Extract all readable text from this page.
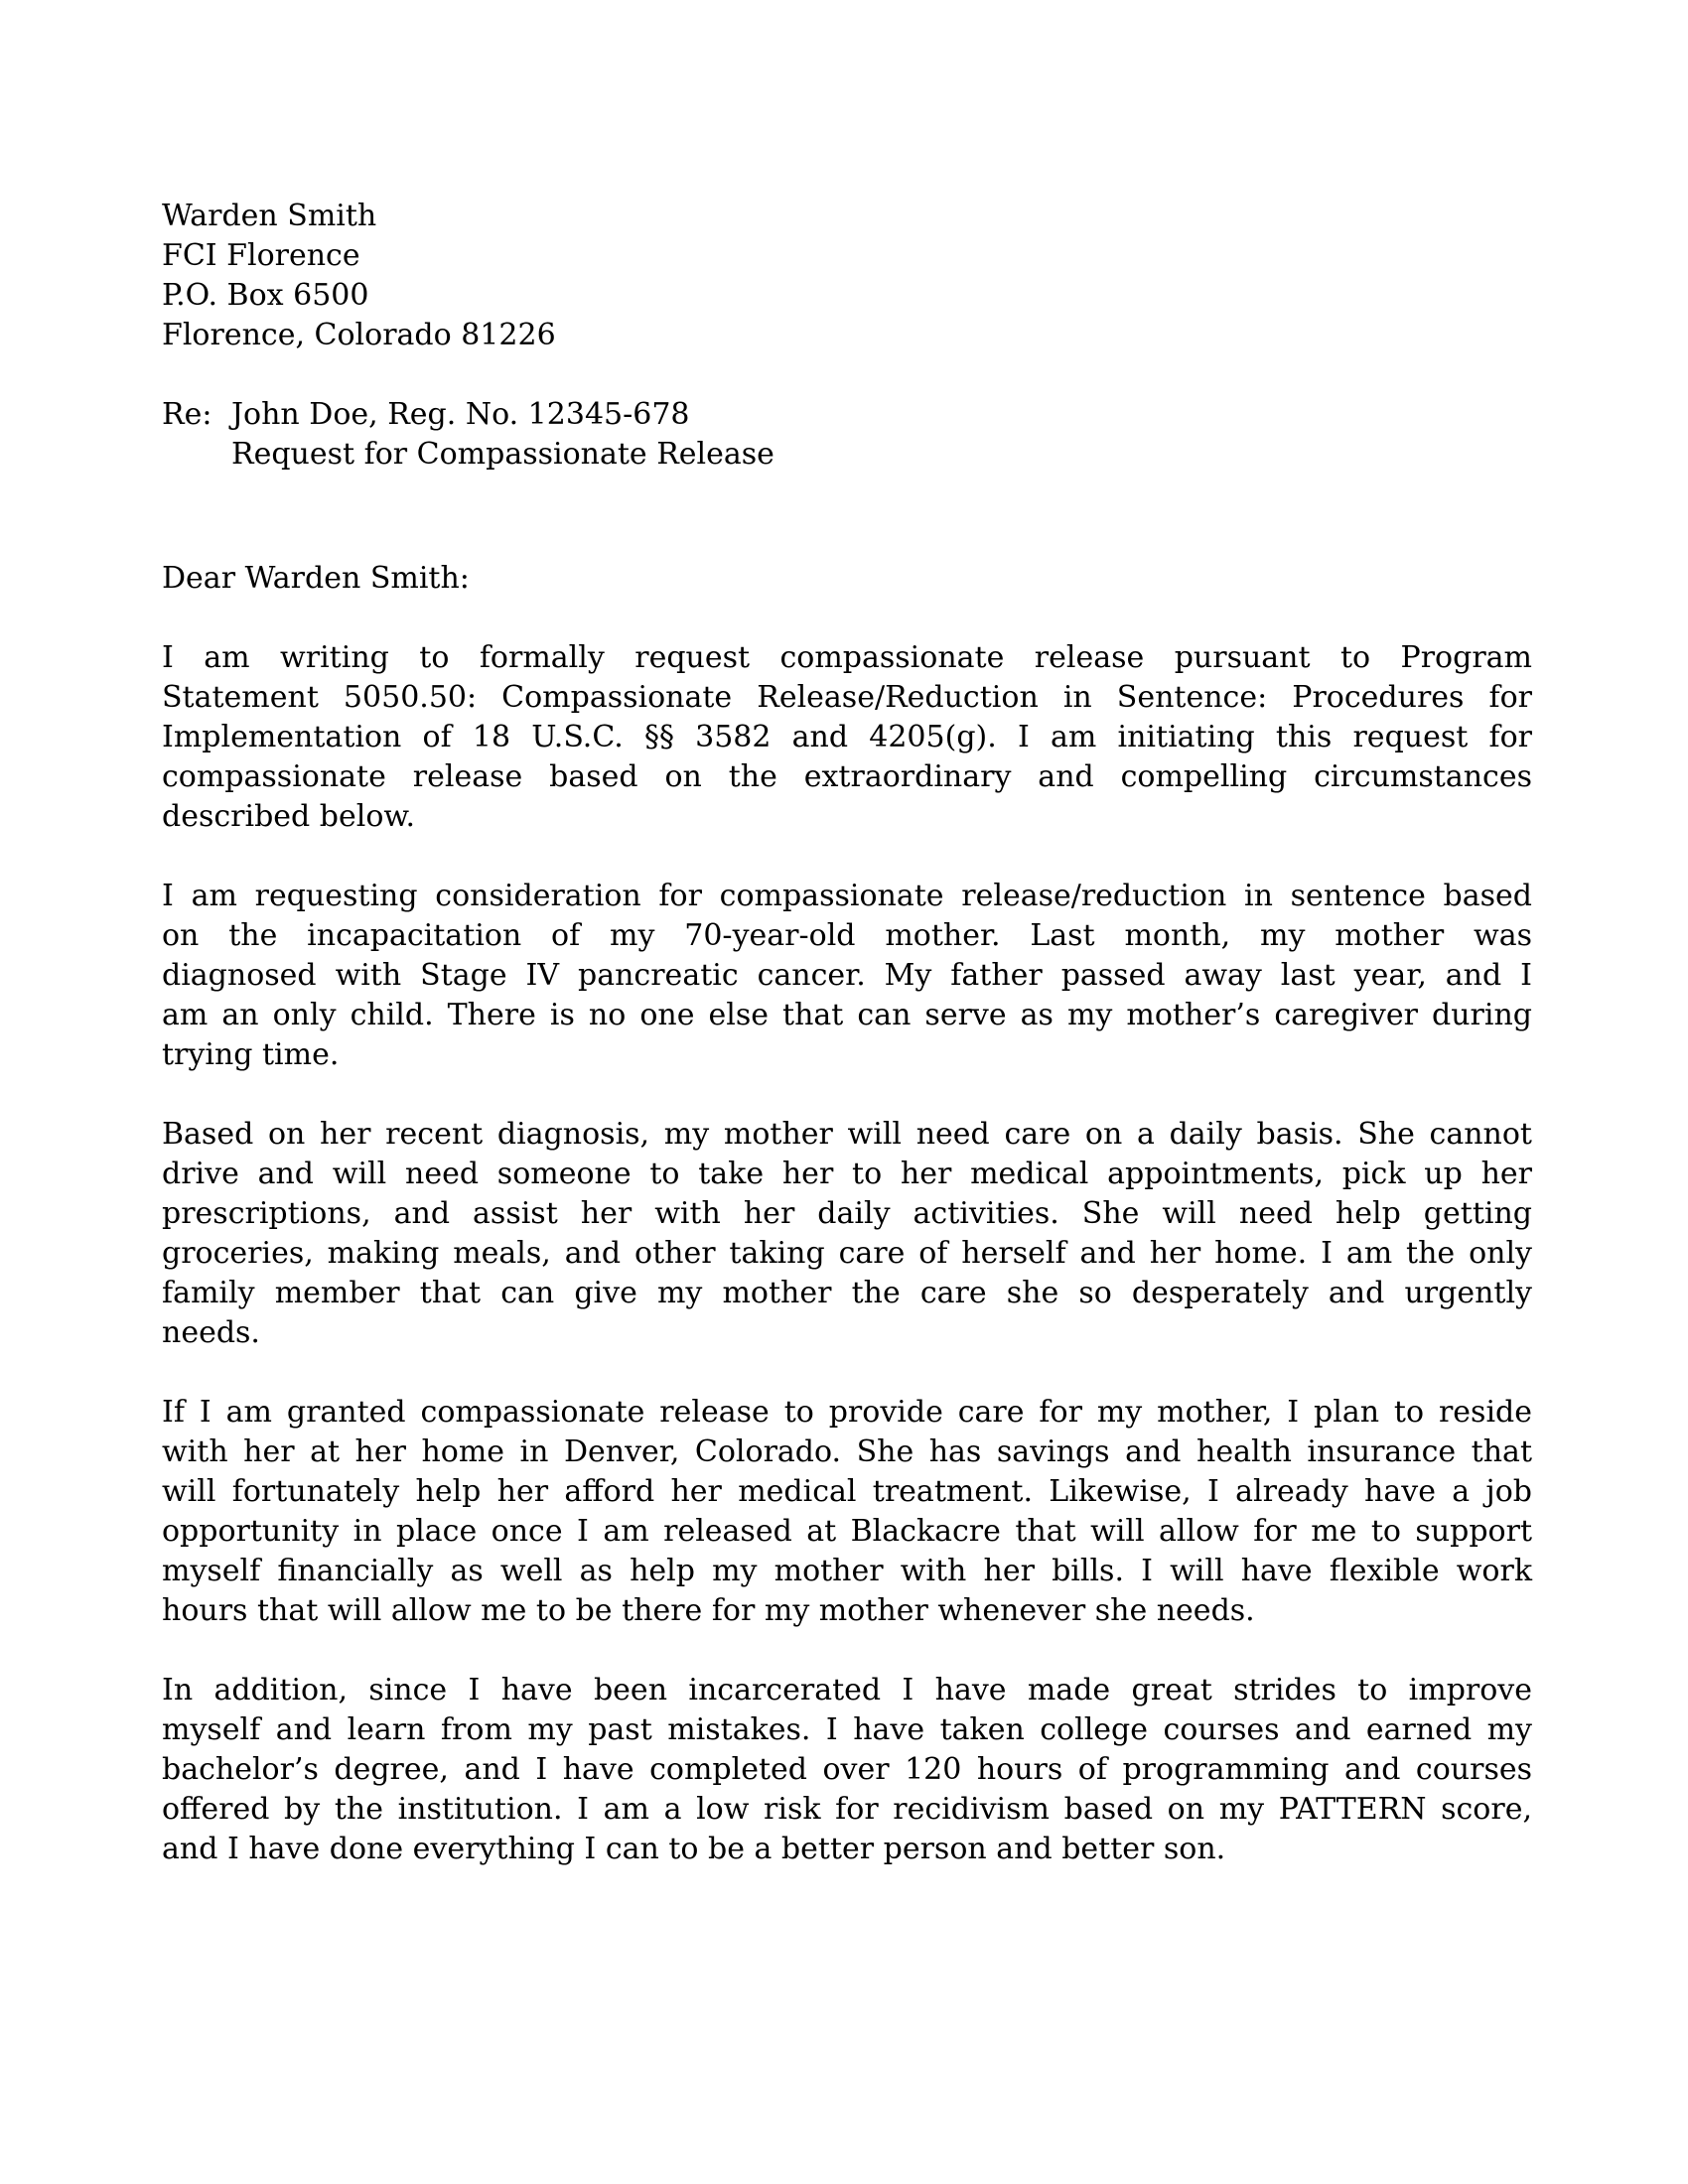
Warden Smith
FCI Florence
P.O. Box 6500
Florence, Colorado 81226
Re: John Doe, Reg. No. 12345-678
Request for Compassionate Release
Dear Warden Smith:
I am writing to formally request compassionate release pursuant to Program
Statement 5050.50: Compassionate Release/Reduction in Sentence: Procedures for
Implementation of 18 U.S.C. §§ 3582 and 4205(g). I am initiating this request for
compassionate release based on the extraordinary and compelling circumstances
described below.
I am requesting consideration for compassionate release/reduction in sentence based
on the incapacitation of my 70-year-old mother. Last month, my mother was
diagnosed with Stage IV pancreatic cancer. My father passed away last year, and I
am an only child. There is no one else that can serve as my mother’s caregiver during
trying time.
Based on her recent diagnosis, my mother will need care on a daily basis. She cannot
drive and will need someone to take her to her medical appointments, pick up her
prescriptions, and assist her with her daily activities. She will need help getting
groceries, making meals, and other taking care of herself and her home. I am the only
family member that can give my mother the care she so desperately and urgently
needs.
If I am granted compassionate release to provide care for my mother, I plan to reside
with her at her home in Denver, Colorado. She has savings and health insurance that
will fortunately help her afford her medical treatment. Likewise, I already have a job
opportunity in place once I am released at Blackacre that will allow for me to support
myself financially as well as help my mother with her bills. I will have flexible work
hours that will allow me to be there for my mother whenever she needs.
In addition, since I have been incarcerated I have made great strides to improve
myself and learn from my past mistakes. I have taken college courses and earned my
bachelor’s degree, and I have completed over 120 hours of programming and courses
offered by the institution. I am a low risk for recidivism based on my PATTERN score,
and I have done everything I can to be a better person and better son.
